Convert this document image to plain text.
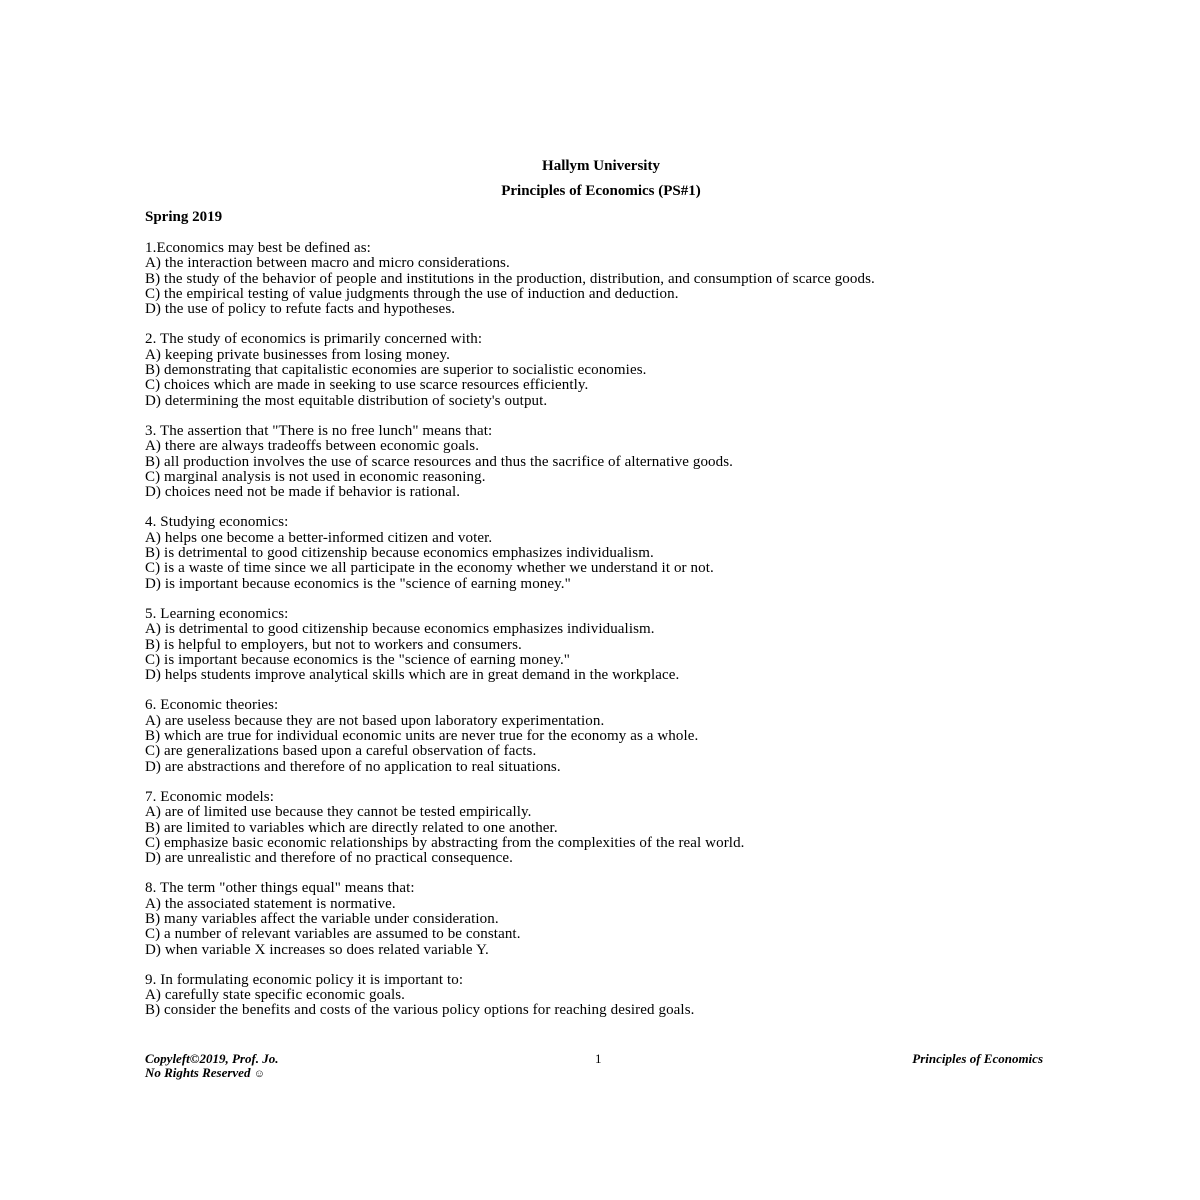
Hallym University
Principles of Economics (PS#1)
Spring 2019
1.Economics may best be defined as:
A) the interaction between macro and micro considerations.
B) the study of the behavior of people and institutions in the production, distribution, and consumption of scarce goods.
C) the empirical testing of value judgments through the use of induction and deduction.
D) the use of policy to refute facts and hypotheses.
2. The study of economics is primarily concerned with:
A) keeping private businesses from losing money.
B) demonstrating that capitalistic economies are superior to socialistic economies.
C) choices which are made in seeking to use scarce resources efficiently.
D) determining the most equitable distribution of society's output.
3. The assertion that "There is no free lunch" means that:
A) there are always tradeoffs between economic goals.
B) all production involves the use of scarce resources and thus the sacrifice of alternative goods.
C) marginal analysis is not used in economic reasoning.
D) choices need not be made if behavior is rational.
4. Studying economics:
A) helps one become a better-informed citizen and voter.
B) is detrimental to good citizenship because economics emphasizes individualism.
C) is a waste of time since we all participate in the economy whether we understand it or not.
D) is important because economics is the "science of earning money."
5. Learning economics:
A) is detrimental to good citizenship because economics emphasizes individualism.
B) is helpful to employers, but not to workers and consumers.
C) is important because economics is the "science of earning money."
D) helps students improve analytical skills which are in great demand in the workplace.
6. Economic theories:
A) are useless because they are not based upon laboratory experimentation.
B) which are true for individual economic units are never true for the economy as a whole.
C) are generalizations based upon a careful observation of facts.
D) are abstractions and therefore of no application to real situations.
7. Economic models:
A) are of limited use because they cannot be tested empirically.
B) are limited to variables which are directly related to one another.
C) emphasize basic economic relationships by abstracting from the complexities of the real world.
D) are unrealistic and therefore of no practical consequence.
8. The term "other things equal" means that:
A) the associated statement is normative.
B) many variables affect the variable under consideration.
C) a number of relevant variables are assumed to be constant.
D) when variable X increases so does related variable Y.
9. In formulating economic policy it is important to:
A) carefully state specific economic goals.
B) consider the benefits and costs of the various policy options for reaching desired goals.
Copyleft©2019, Prof. Jo.
No Rights Reserved ☺
1	Principles of Economics
